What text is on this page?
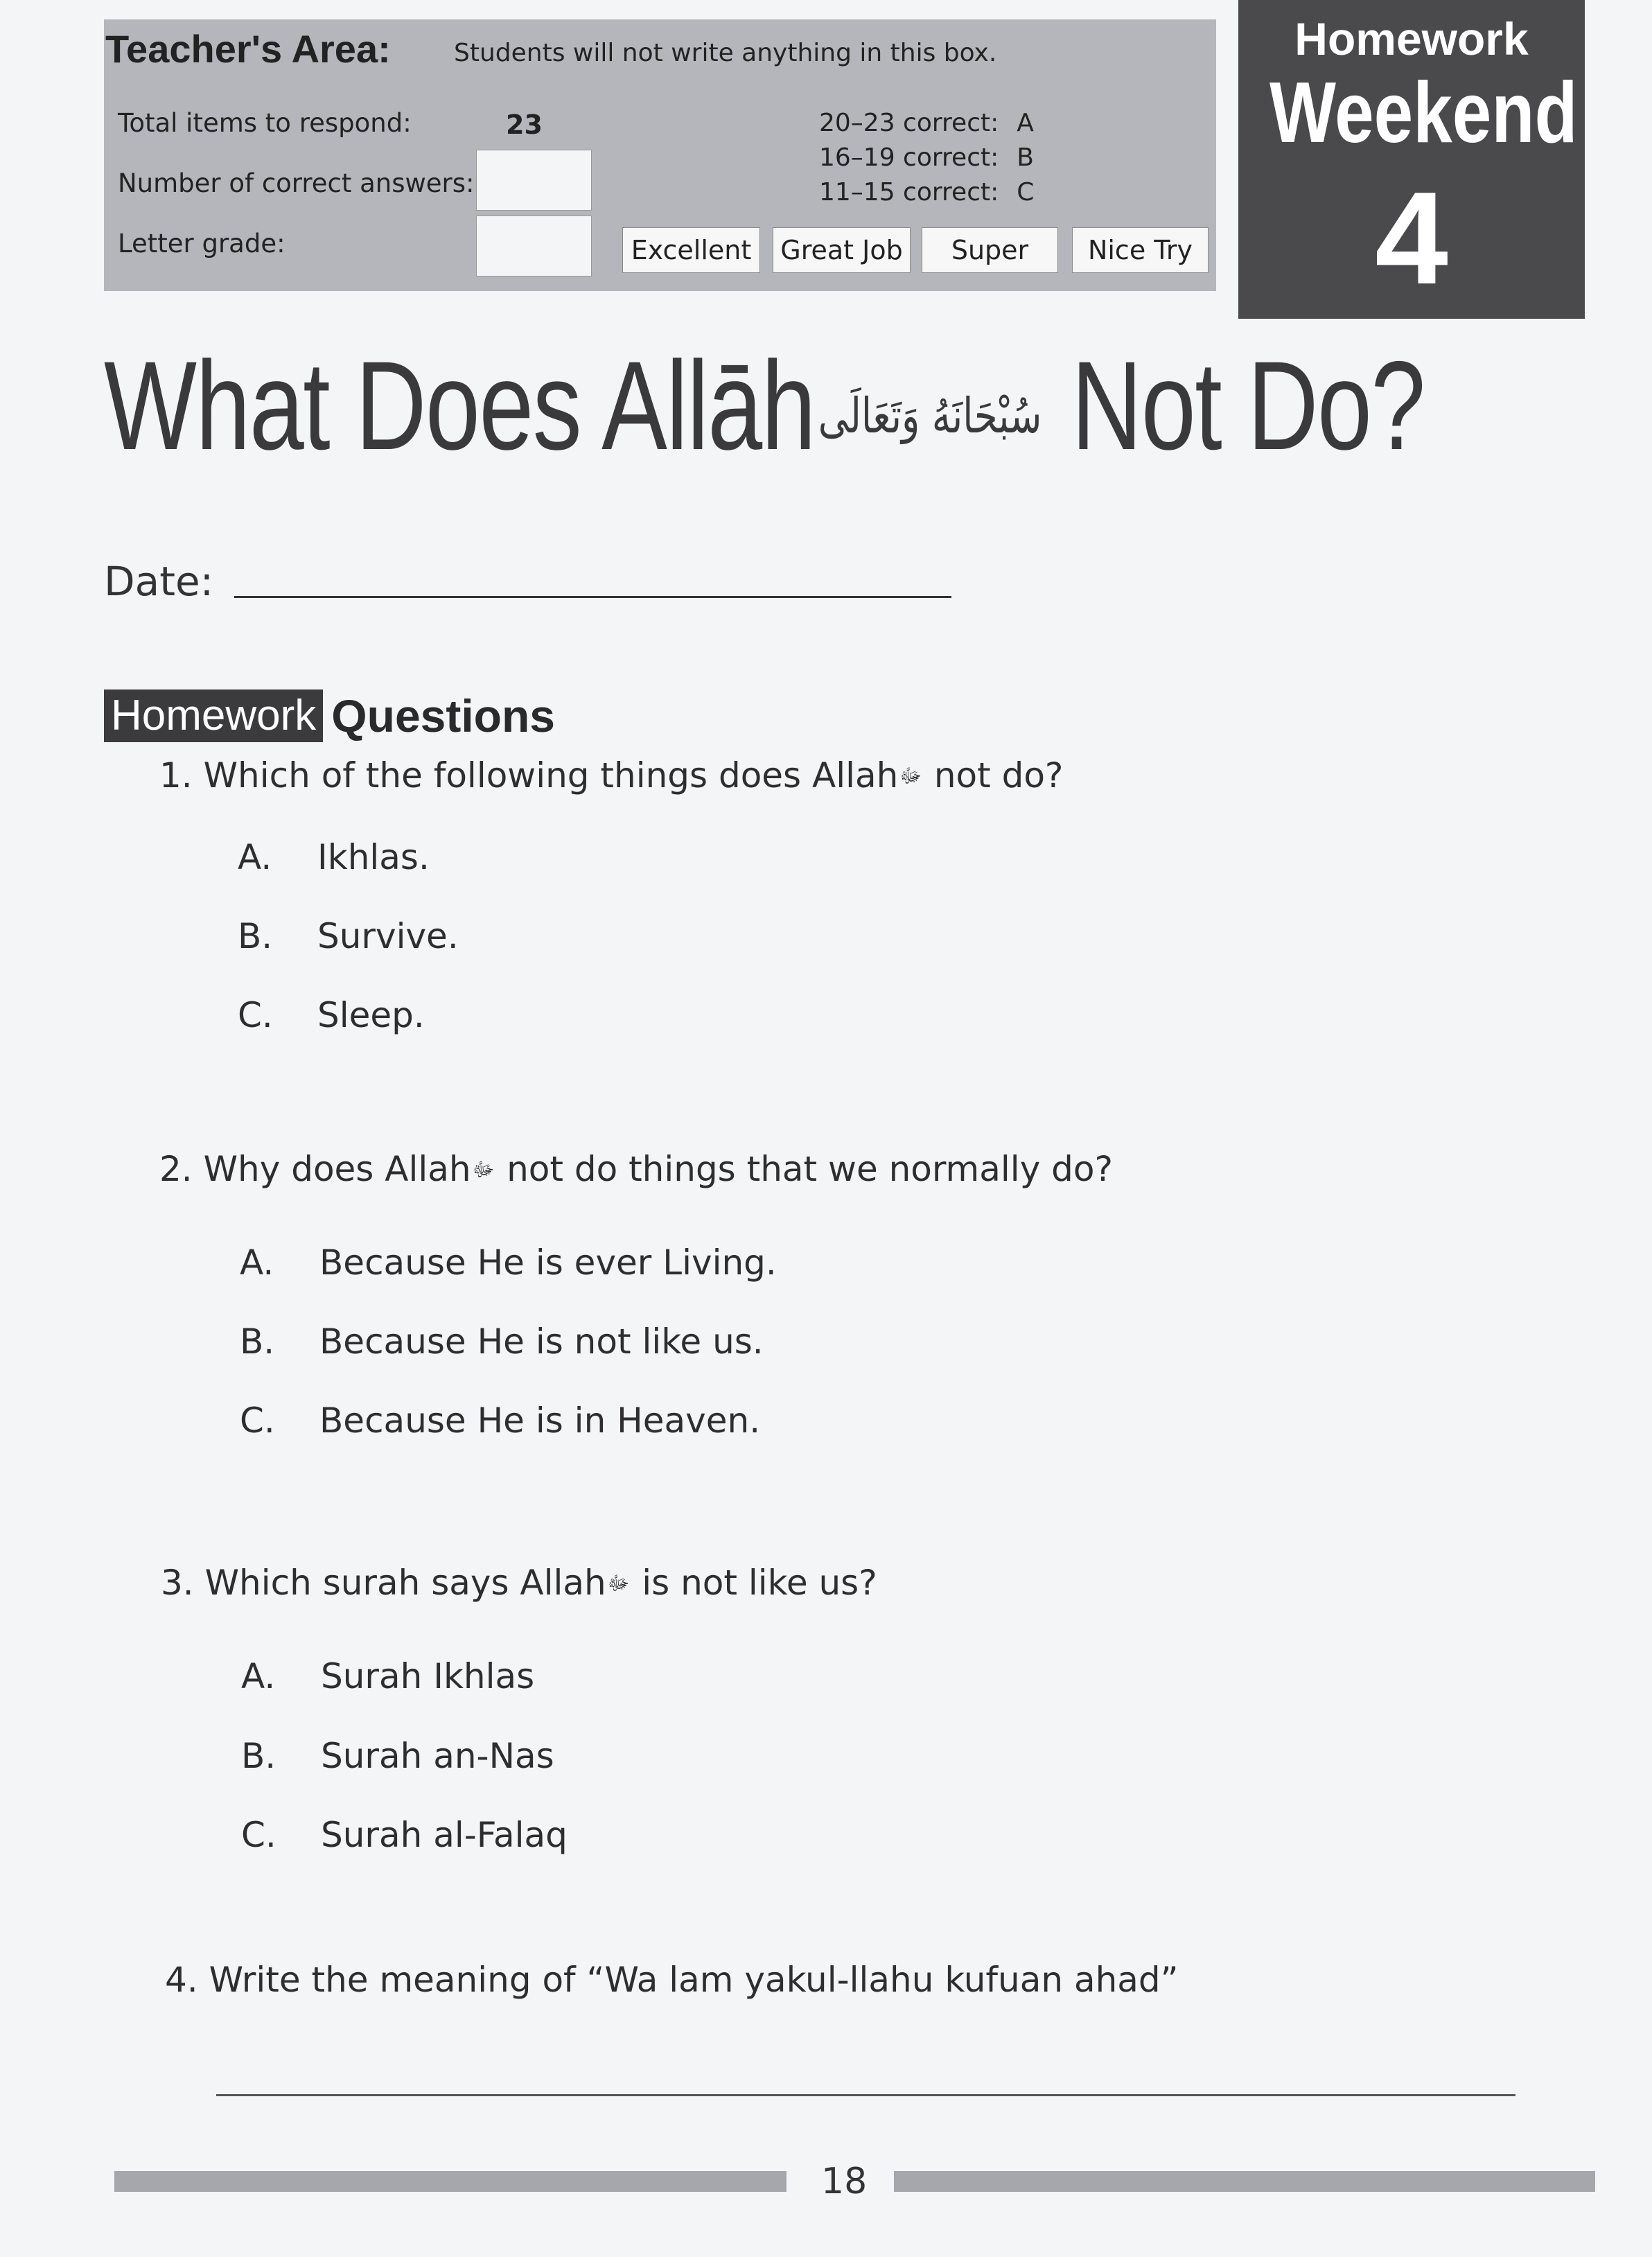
Teacher's Area:	Students will not write anything in this box.
Total items to respond:	23
Number of correct answers:
Letter grade:
20–23 correct: A
16–19 correct: B
11–15 correct: C
Excellent	Great Job	Super	Nice Try
Homework
Weekend
4
What Does Allāhسُبْحَانَهُ وَتَعَالَى Not Do?
Date:
Homework Questions
1. Which of the following things does Allahﷻ not do?
A. Ikhlas.
B. Survive.
C. Sleep.
2. Why does Allahﷻ not do things that we normally do?
A. Because He is ever Living.
B. Because He is not like us.
C. Because He is in Heaven.
3. Which surah says Allahﷻ is not like us?
A. Surah Ikhlas
B. Surah an-Nas
C. Surah al-Falaq
4. Write the meaning of “Wa lam yakul-llahu kufuan ahad”
18
